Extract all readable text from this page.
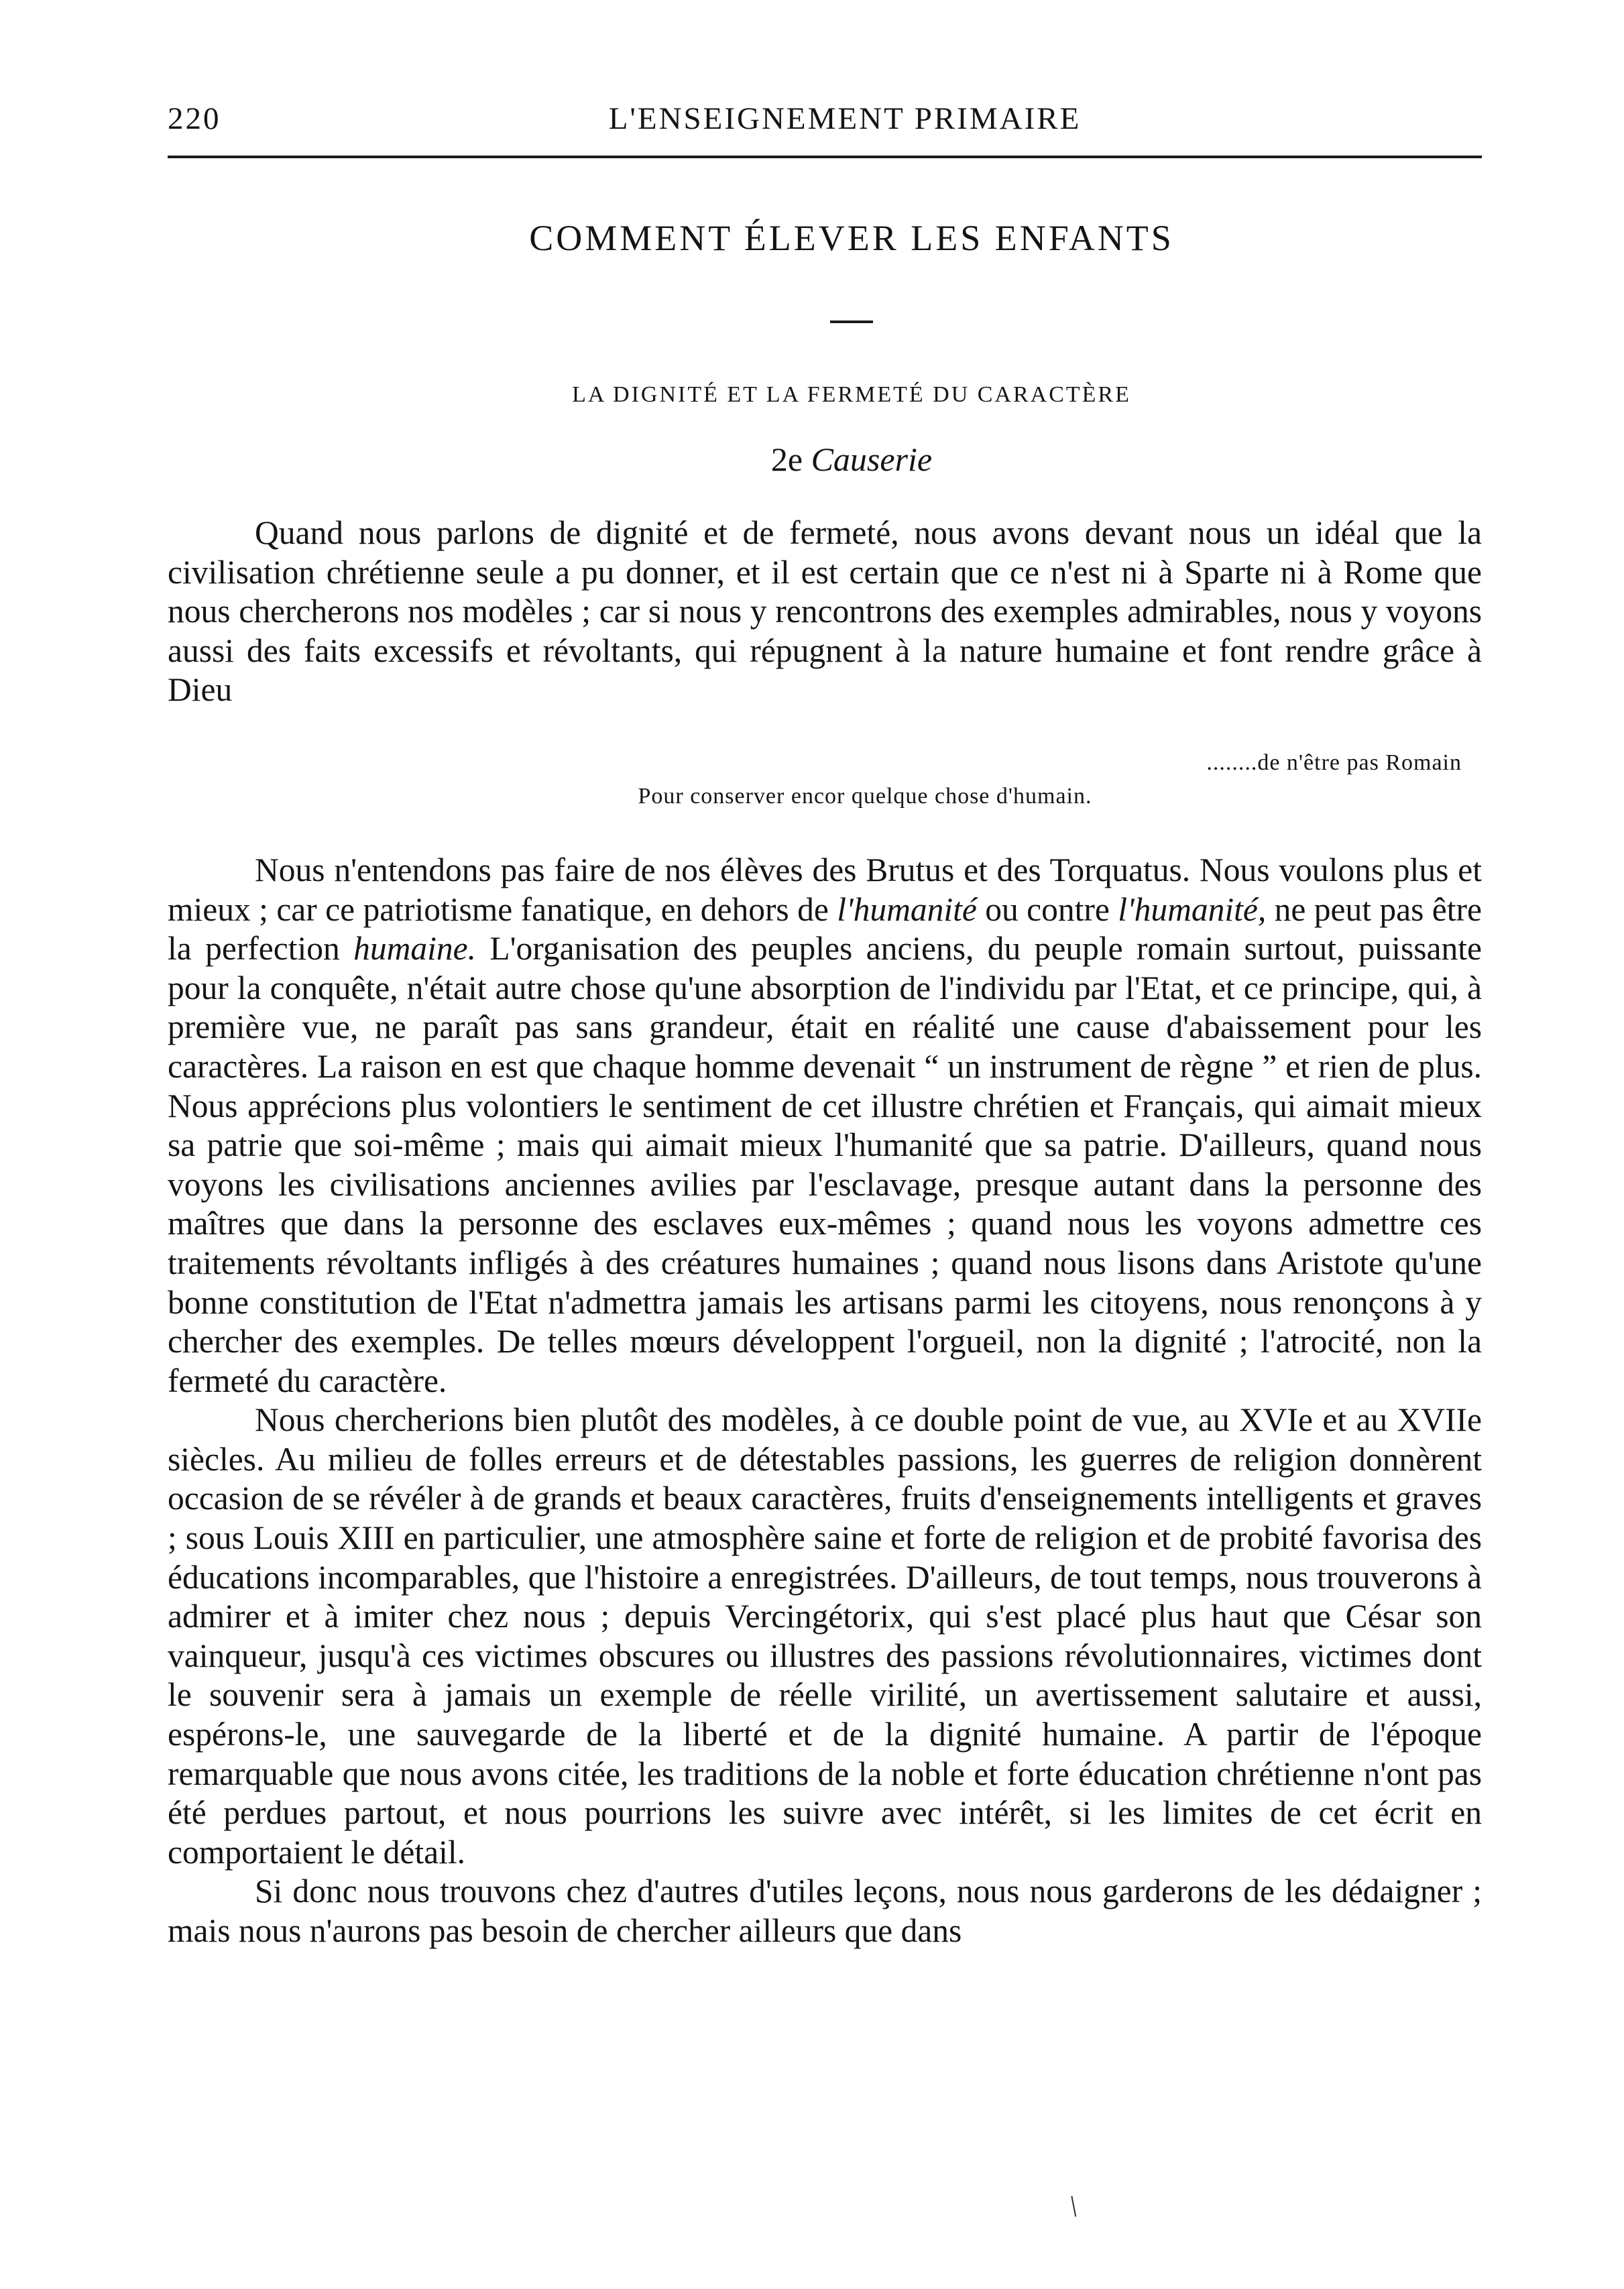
220	L'ENSEIGNEMENT PRIMAIRE
COMMENT ÉLEVER LES ENFANTS
LA DIGNITÉ ET LA FERMETÉ DU CARACTÈRE
2e Causerie

Quand nous parlons de dignité et de fermeté, nous avons devant nous un idéal que la civilisation chrétienne seule a pu donner, et il est certain que ce n'est ni à Sparte ni à Rome que nous chercherons nos modèles ; car si nous y rencontrons des exemples admirables, nous y voyons aussi des faits excessifs et révoltants, qui répugnent à la nature humaine et font rendre grâce à Dieu

........de n'être pas Romain
Pour conserver encor quelque chose d'humain.

Nous n'entendons pas faire de nos élèves des Brutus et des Torquatus. Nous voulons plus et mieux ; car ce patriotisme fanatique, en dehors de l'humanité ou contre l'humanité, ne peut pas être la perfection humaine. L'organisation des peuples anciens, du peuple romain surtout, puissante pour la conquête, n'était autre chose qu'une absorption de l'individu par l'Etat, et ce principe, qui, à première vue, ne paraît pas sans grandeur, était en réalité une cause d'abaissement pour les caractères. La raison en est que chaque homme devenait “ un instrument de règne ” et rien de plus. Nous apprécions plus volontiers le sentiment de cet illustre chrétien et Français, qui aimait mieux sa patrie que soi-même ; mais qui aimait mieux l'humanité que sa patrie. D'ailleurs, quand nous voyons les civilisations anciennes avilies par l'esclavage, presque autant dans la personne des maîtres que dans la personne des esclaves eux-mêmes ; quand nous les voyons admettre ces traitements révoltants infligés à des créatures humaines ; quand nous lisons dans Aristote qu'une bonne constitution de l'Etat n'admettra jamais les artisans parmi les citoyens, nous renonçons à y chercher des exemples. De telles mœurs développent l'orgueil, non la dignité ; l'atrocité, non la fermeté du caractère.

Nous chercherions bien plutôt des modèles, à ce double point de vue, au XVIe et au XVIIe siècles. Au milieu de folles erreurs et de détestables passions, les guerres de religion donnèrent occasion de se révéler à de grands et beaux caractères, fruits d'enseignements intelligents et graves ; sous Louis XIII en particulier, une atmosphère saine et forte de religion et de probité favorisa des éducations incomparables, que l'histoire a enregistrées. D'ailleurs, de tout temps, nous trouverons à admirer et à imiter chez nous ; depuis Vercingétorix, qui s'est placé plus haut que César son vainqueur, jusqu'à ces victimes obscures ou illustres des passions révolutionnaires, victimes dont le souvenir sera à jamais un exemple de réelle virilité, un avertissement salutaire et aussi, espérons-le, une sauvegarde de la liberté et de la dignité humaine. A partir de l'époque remarquable que nous avons citée, les traditions de la noble et forte éducation chrétienne n'ont pas été perdues partout, et nous pourrions les suivre avec intérêt, si les limites de cet écrit en comportaient le détail.

Si donc nous trouvons chez d'autres d'utiles leçons, nous nous garderons de les dédaigner ; mais nous n'aurons pas besoin de chercher ailleurs que dans

/
